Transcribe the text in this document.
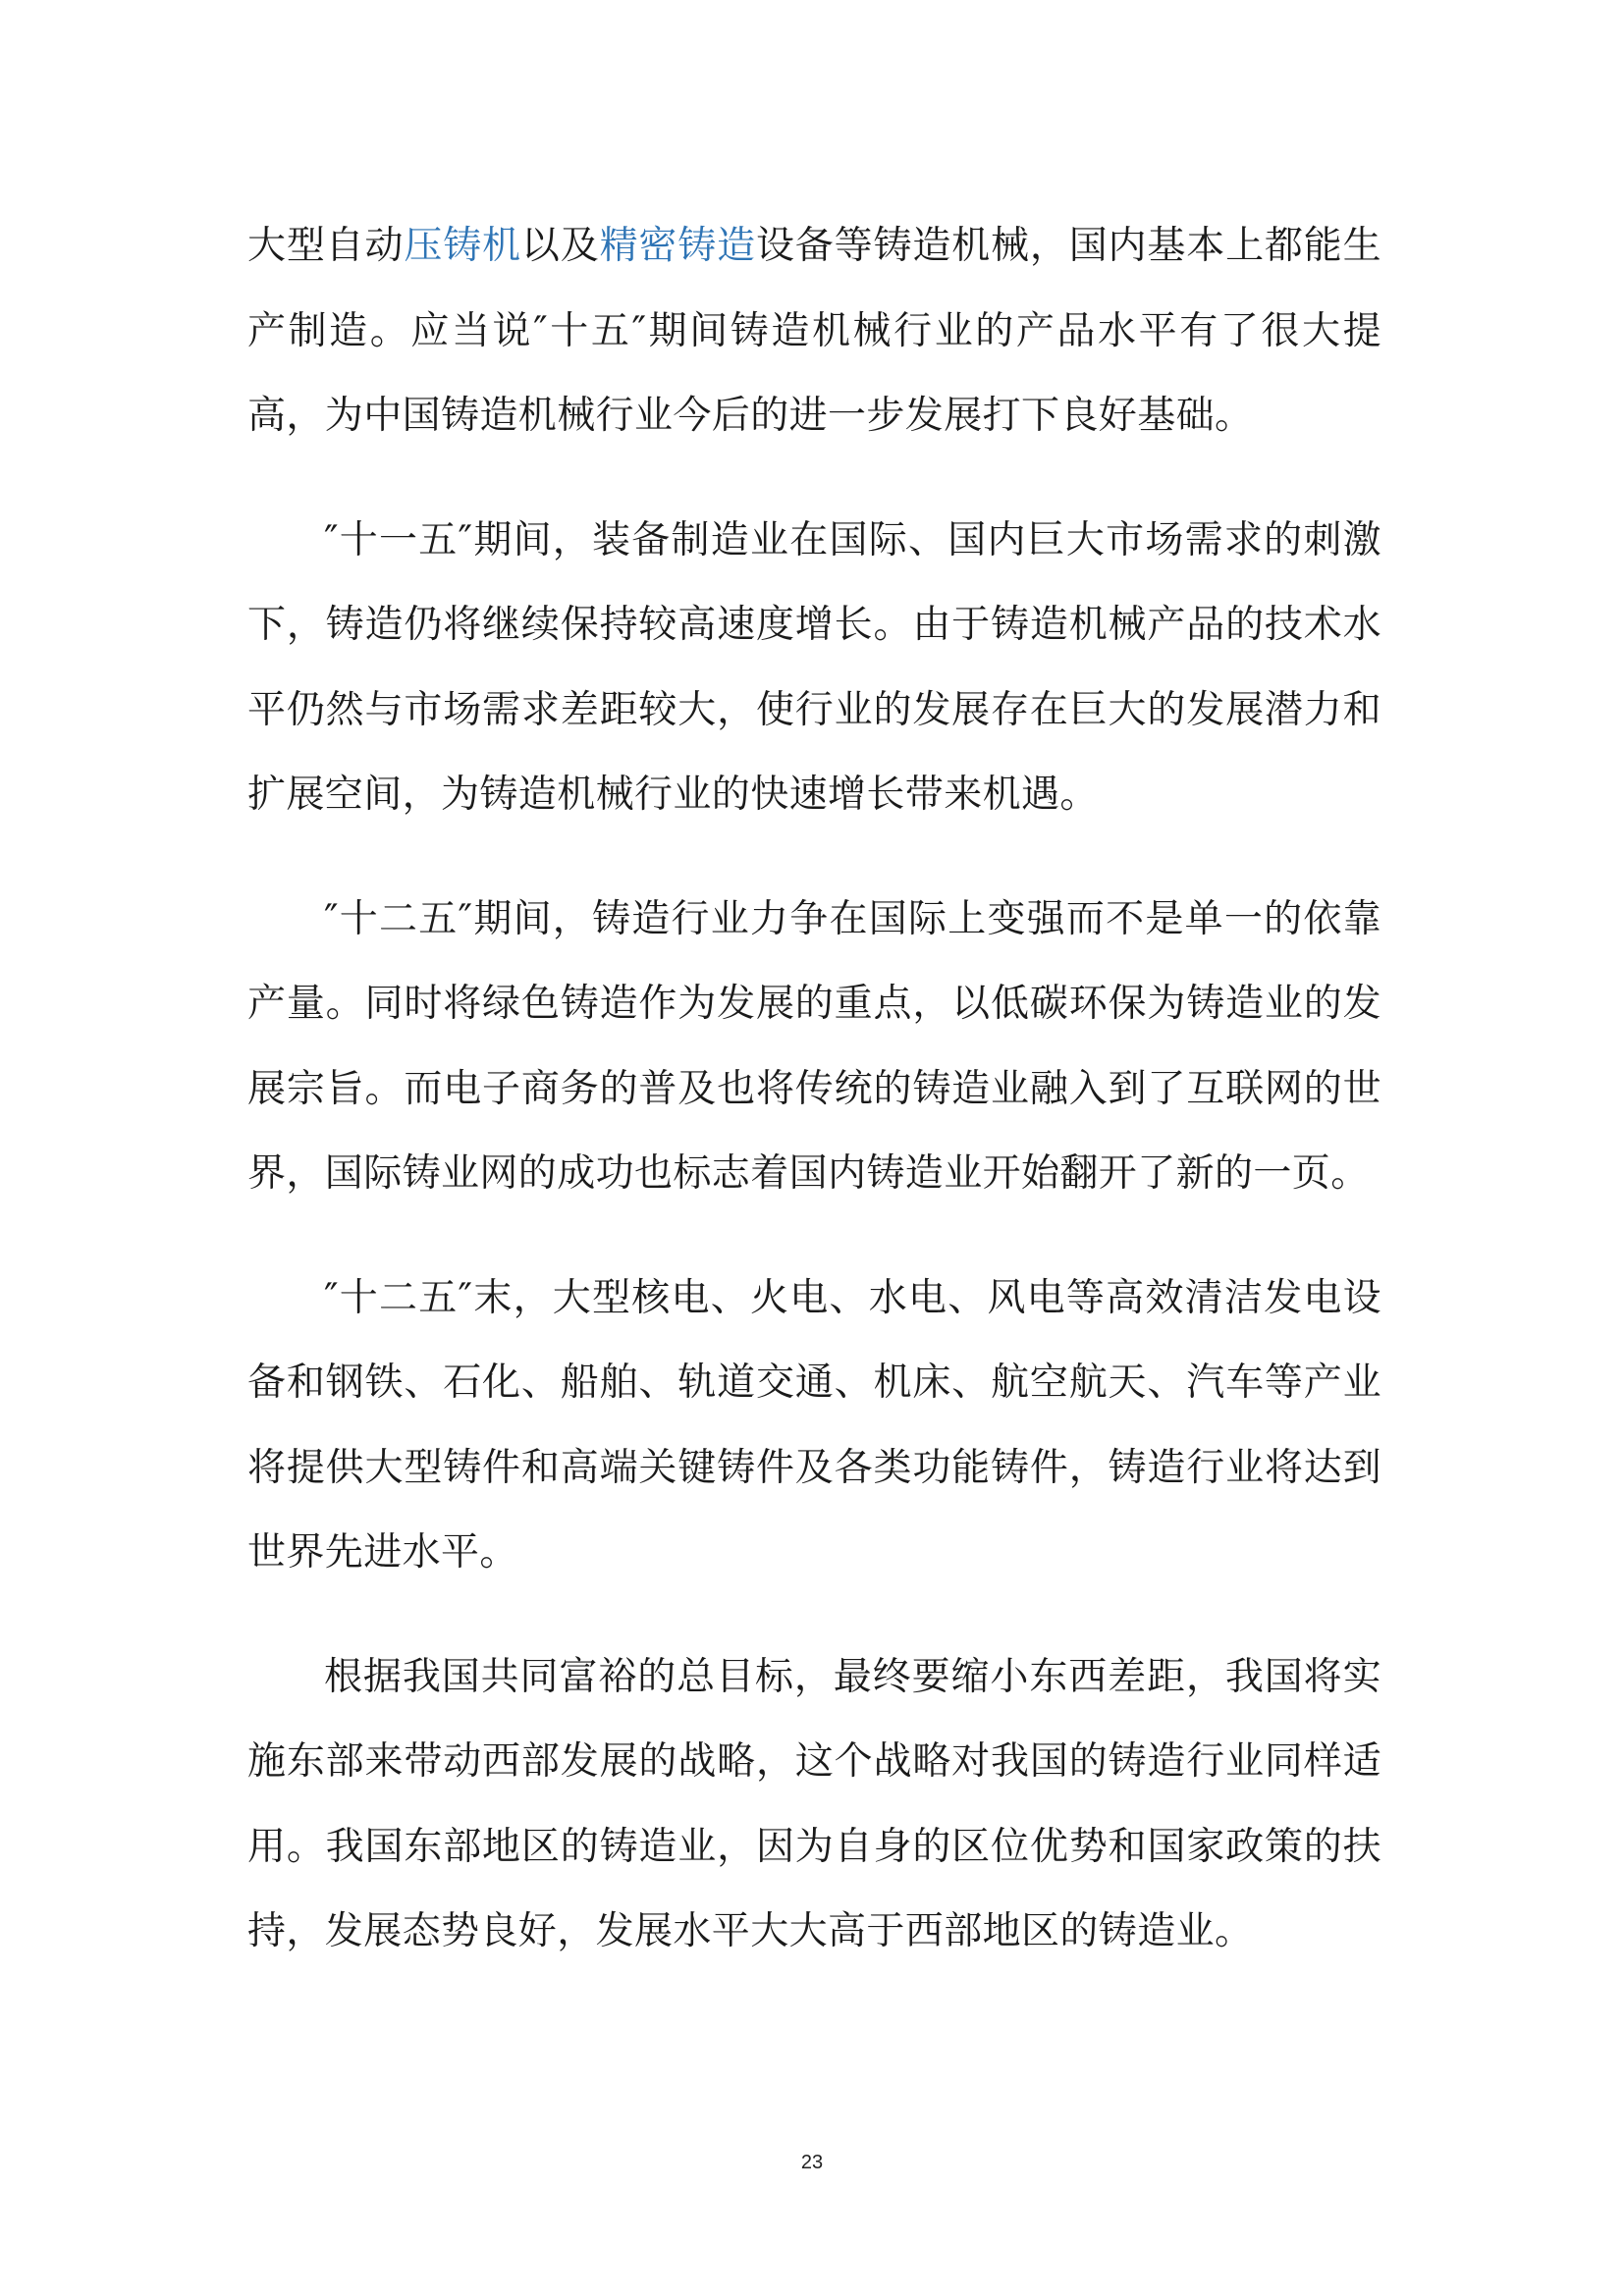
大型自动压铸机以及精密铸造设备等铸造机械，国内基本上都能生产制造。应当说″十五″期间铸造机械行业的产品水平有了很大提高，为中国铸造机械行业今后的进一步发展打下良好基础。

″十一五″期间，装备制造业在国际、国内巨大市场需求的刺激下，铸造仍将继续保持较高速度增长。由于铸造机械产品的技术水平仍然与市场需求差距较大，使行业的发展存在巨大的发展潜力和扩展空间，为铸造机械行业的快速增长带来机遇。

″十二五″期间，铸造行业力争在国际上变强而不是单一的依靠产量。同时将绿色铸造作为发展的重点，以低碳环保为铸造业的发展宗旨。而电子商务的普及也将传统的铸造业融入到了互联网的世界，国际铸业网的成功也标志着国内铸造业开始翻开了新的一页。

″十二五″末，大型核电、火电、水电、风电等高效清洁发电设备和钢铁、石化、船舶、轨道交通、机床、航空航天、汽车等产业将提供大型铸件和高端关键铸件及各类功能铸件，铸造行业将达到世界先进水平。

根据我国共同富裕的总目标，最终要缩小东西差距，我国将实施东部来带动西部发展的战略，这个战略对我国的铸造行业同样适用。我国东部地区的铸造业，因为自身的区位优势和国家政策的扶持，发展态势良好，发展水平大大高于西部地区的铸造业。

23
